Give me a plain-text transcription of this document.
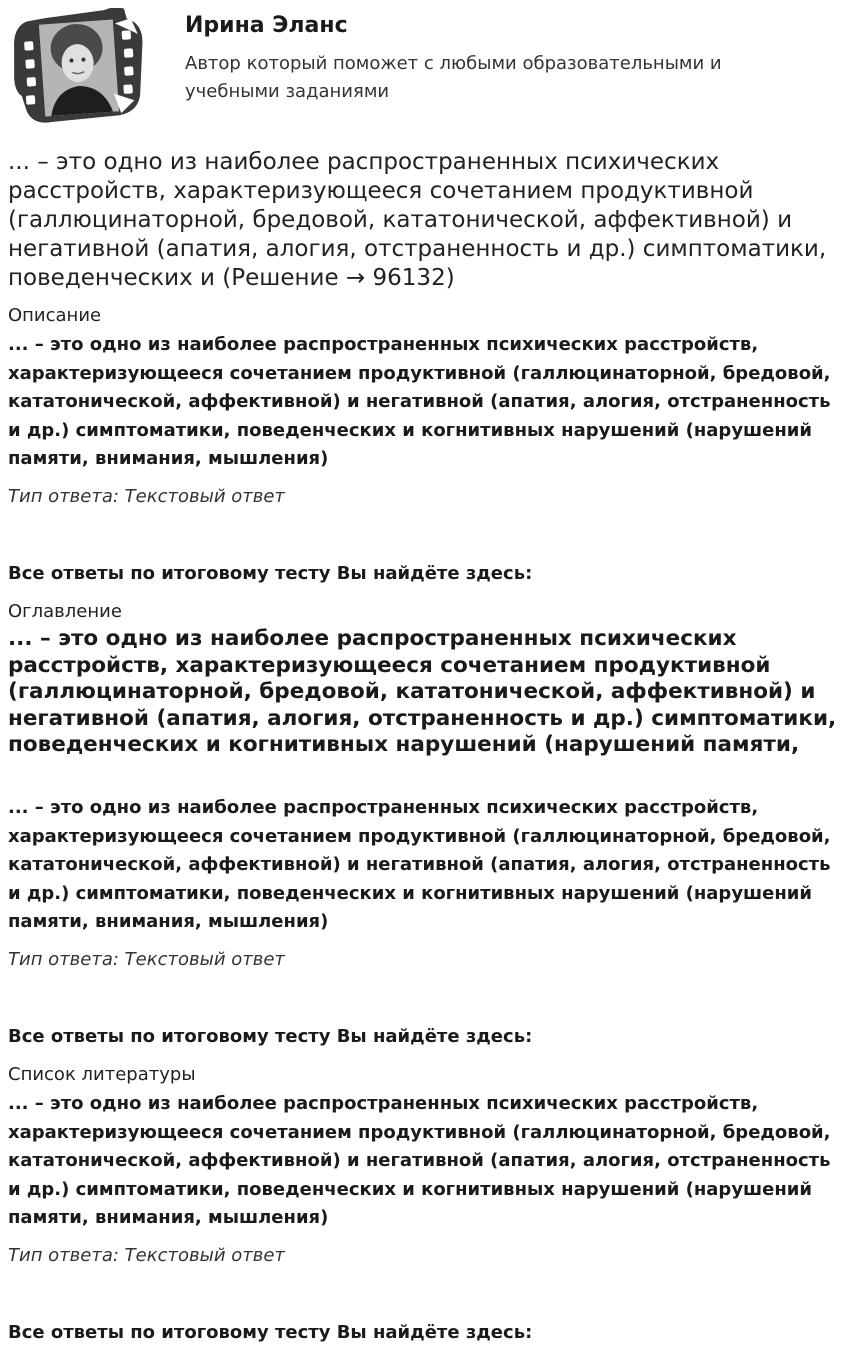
Ирина Эланс
Автор который поможет с любыми образовательными и учебными заданиями
... – это одно из наиболее распространенных психических расстройств, характеризующееся сочетанием продуктивной (галлюцинаторной, бредовой, кататонической, аффективной) и негативной (апатия, алогия, отстраненность и др.) симптоматики, поведенческих и (Решение → 96132)
Описание
... – это одно из наиболее распространенных психических расстройств, характеризующееся сочетанием продуктивной (галлюцинаторной, бредовой, кататонической, аффективной) и негативной (апатия, алогия, отстраненность и др.) симптоматики, поведенческих и когнитивных нарушений (нарушений памяти, внимания, мышления)
Тип ответа: Текстовый ответ
Все ответы по итоговому тесту Вы найдёте здесь:
Оглавление
... – это одно из наиболее распространенных психических расстройств, характеризующееся сочетанием продуктивной (галлюцинаторной, бредовой, кататонической, аффективной) и негативной (апатия, алогия, отстраненность и др.) симптоматики, поведенческих и когнитивных нарушений (нарушений памяти,
... – это одно из наиболее распространенных психических расстройств, характеризующееся сочетанием продуктивной (галлюцинаторной, бредовой, кататонической, аффективной) и негативной (апатия, алогия, отстраненность и др.) симптоматики, поведенческих и когнитивных нарушений (нарушений памяти, внимания, мышления)
Тип ответа: Текстовый ответ
Все ответы по итоговому тесту Вы найдёте здесь:
Список литературы
... – это одно из наиболее распространенных психических расстройств, характеризующееся сочетанием продуктивной (галлюцинаторной, бредовой, кататонической, аффективной) и негативной (апатия, алогия, отстраненность и др.) симптоматики, поведенческих и когнитивных нарушений (нарушений памяти, внимания, мышления)
Тип ответа: Текстовый ответ
Все ответы по итоговому тесту Вы найдёте здесь:
